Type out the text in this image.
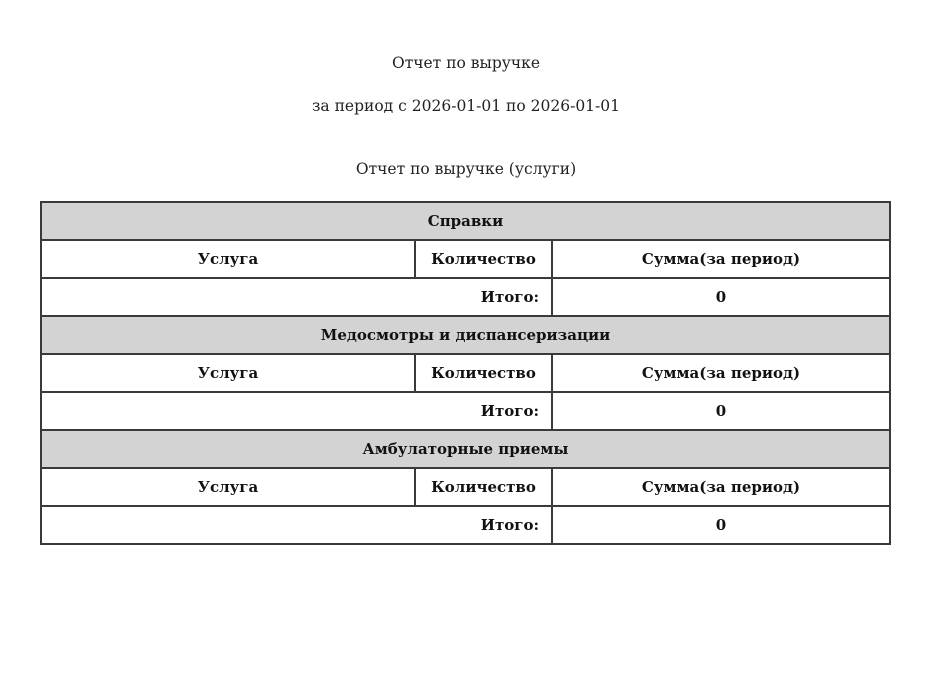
Отчет по выручке
за период с 2026-01-01 по 2026-01-01
Отчет по выручке (услуги)
Справки		
Услуга	Количество	Сумма(за период)
Итого:		0
Медосмотры и диспансеризации		
Услуга	Количество	Сумма(за период)
Итого:		0
Амбулаторные приемы		
Услуга	Количество	Сумма(за период)
Итого:		0
